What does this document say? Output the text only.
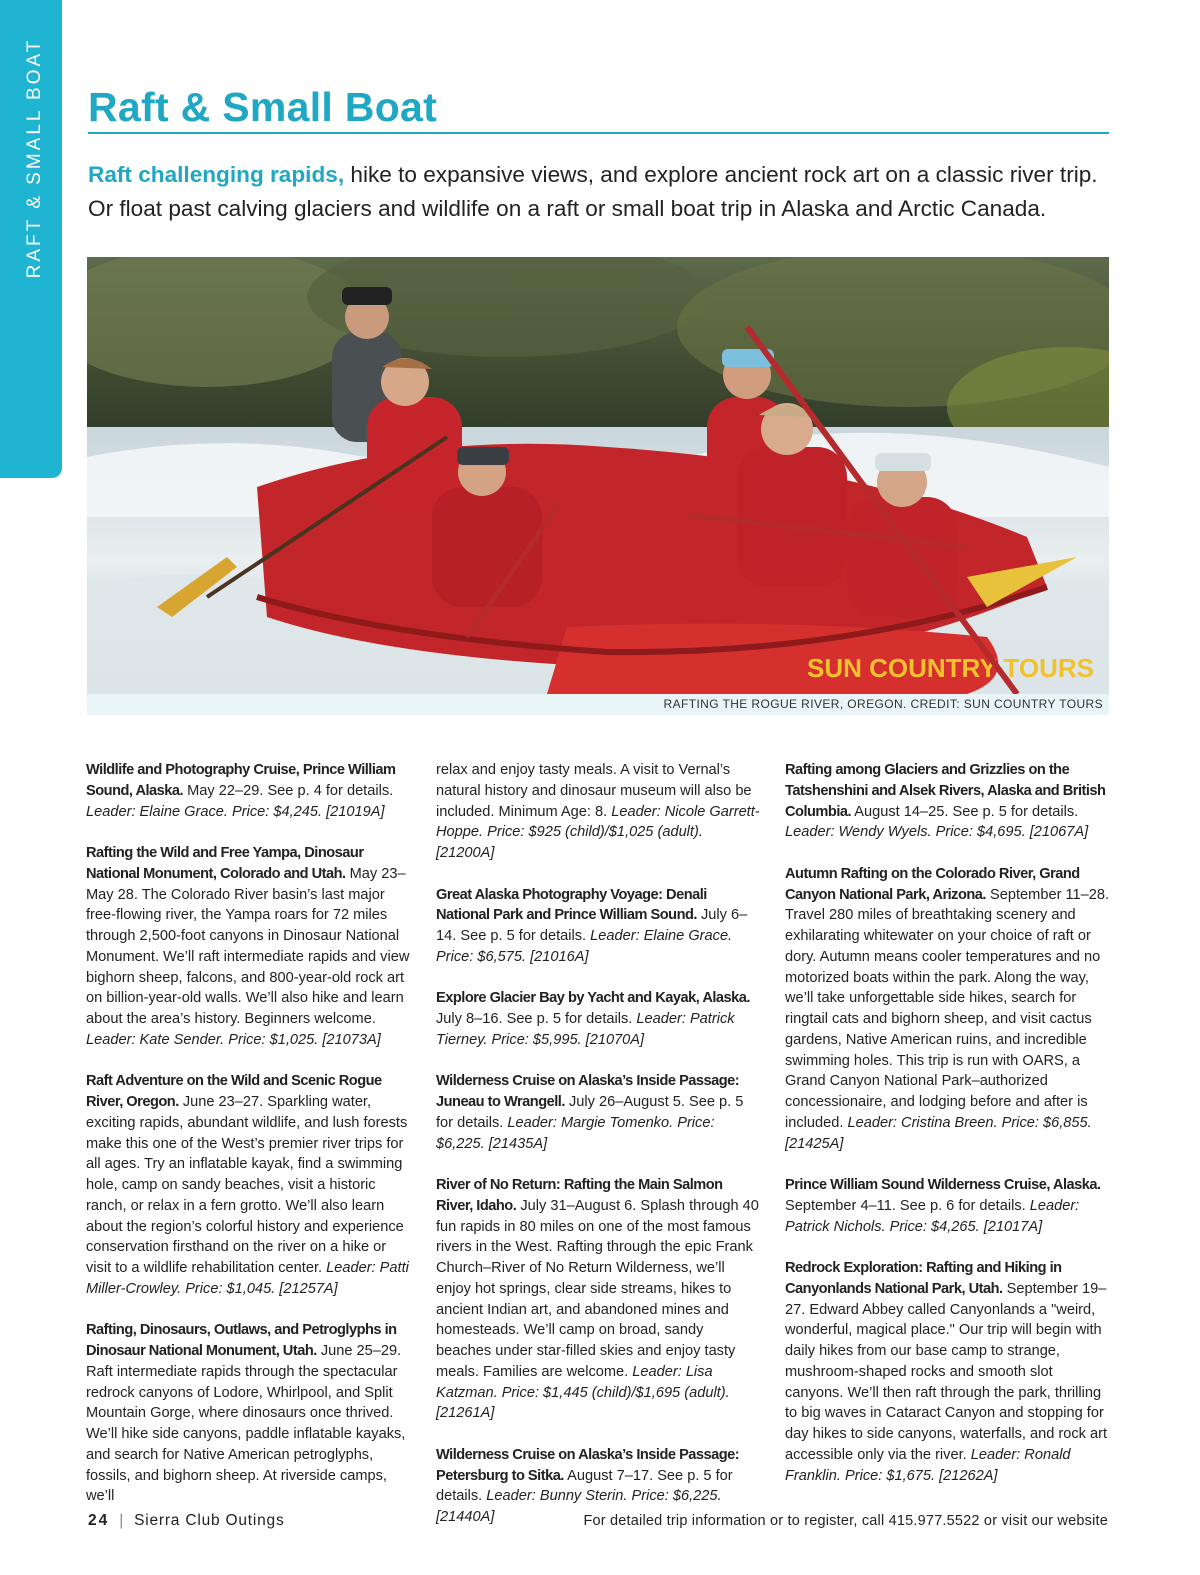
RAFT & SMALL BOAT Raft & Small Boat

Raft challenging rapids, hike to expansive views, and explore ancient rock art on a classic river trip. Or float past calving glaciers and wildlife on a raft or small boat trip in Alaska and Arctic Canada.

SUN COUNTRY TOURS
RAFTING THE ROGUE RIVER, OREGON. CREDIT: SUN COUNTRY TOURS

Wildlife and Photography Cruise, Prince William Sound, Alaska. May 22–29. See p. 4 for details. Leader: Elaine Grace. Price: $4,245. [21019A]

Rafting the Wild and Free Yampa, Dinosaur National Monument, Colorado and Utah. May 23–May 28. The Colorado River basin’s last major free-flowing river, the Yampa roars for 72 miles through 2,500-foot canyons in Dinosaur National Monument. We’ll raft intermediate rapids and view bighorn sheep, falcons, and 800-year-old rock art on billion-year-old walls. We’ll also hike and learn about the area’s history. Beginners welcome. Leader: Kate Sender. Price: $1,025. [21073A]

Raft Adventure on the Wild and Scenic Rogue River, Oregon. June 23–27. Sparkling water, exciting rapids, abundant wildlife, and lush forests make this one of the West’s premier river trips for all ages. Try an inflatable kayak, find a swimming hole, camp on sandy beaches, visit a historic ranch, or relax in a fern grotto. We’ll also learn about the region’s colorful history and experience conservation firsthand on the river on a hike or visit to a wildlife rehabilitation center. Leader: Patti Miller-Crowley. Price: $1,045. [21257A]

Rafting, Dinosaurs, Outlaws, and Petroglyphs in Dinosaur National Monument, Utah. June 25–29. Raft intermediate rapids through the spectacular redrock canyons of Lodore, Whirlpool, and Split Mountain Gorge, where dinosaurs once thrived. We’ll hike side canyons, paddle inflatable kayaks, and search for Native American petroglyphs, fossils, and bighorn sheep. At riverside camps, we’ll

relax and enjoy tasty meals. A visit to Vernal’s natural history and dinosaur museum will also be included. Minimum Age: 8. Leader: Nicole Garrett-Hoppe. Price: $925 (child)/$1,025 (adult). [21200A]

Great Alaska Photography Voyage: Denali National Park and Prince William Sound. July 6–14. See p. 5 for details. Leader: Elaine Grace. Price: $6,575. [21016A]

Explore Glacier Bay by Yacht and Kayak, Alaska. July 8–16. See p. 5 for details. Leader: Patrick Tierney. Price: $5,995. [21070A]

Wilderness Cruise on Alaska’s Inside Passage: Juneau to Wrangell. July 26–August 5. See p. 5 for details. Leader: Margie Tomenko. Price: $6,225. [21435A]

River of No Return: Rafting the Main Salmon River, Idaho. July 31–August 6. Splash through 40 fun rapids in 80 miles on one of the most famous rivers in the West. Rafting through the epic Frank Church–River of No Return Wilderness, we’ll enjoy hot springs, clear side streams, hikes to ancient Indian art, and abandoned mines and homesteads. We’ll camp on broad, sandy beaches under star-filled skies and enjoy tasty meals. Families are welcome. Leader: Lisa Katzman. Price: $1,445 (child)/$1,695 (adult). [21261A]

Wilderness Cruise on Alaska’s Inside Passage: Petersburg to Sitka. August 7–17. See p. 5 for details. Leader: Bunny Sterin. Price: $6,225. [21440A]

Rafting among Glaciers and Grizzlies on the Tatshenshini and Alsek Rivers, Alaska and British Columbia. August 14–25. See p. 5 for details. Leader: Wendy Wyels. Price: $4,695. [21067A]

Autumn Rafting on the Colorado River, Grand Canyon National Park, Arizona. September 11–28. Travel 280 miles of breathtaking scenery and exhilarating whitewater on your choice of raft or dory. Autumn means cooler temperatures and no motorized boats within the park. Along the way, we’ll take unforgettable side hikes, search for ringtail cats and bighorn sheep, and visit cactus gardens, Native American ruins, and incredible swimming holes. This trip is run with OARS, a Grand Canyon National Park–authorized concessionaire, and lodging before and after is included. Leader: Cristina Breen. Price: $6,855. [21425A]

Prince William Sound Wilderness Cruise, Alaska. September 4–11. See p. 6 for details. Leader: Patrick Nichols. Price: $4,265. [21017A]

Redrock Exploration: Rafting and Hiking in Canyonlands National Park, Utah. September 19–27. Edward Abbey called Canyonlands a "weird, wonderful, magical place." Our trip will begin with daily hikes from our base camp to strange, mushroom-shaped rocks and smooth slot canyons. We’ll then raft through the park, thrilling to big waves in Cataract Canyon and stopping for day hikes to side canyons, waterfalls, and rock art accessible only via the river. Leader: Ronald Franklin. Price: $1,675. [21262A]

24 | Sierra Club Outings	For detailed trip information or to register, call 415.977.5522 or visit our website
